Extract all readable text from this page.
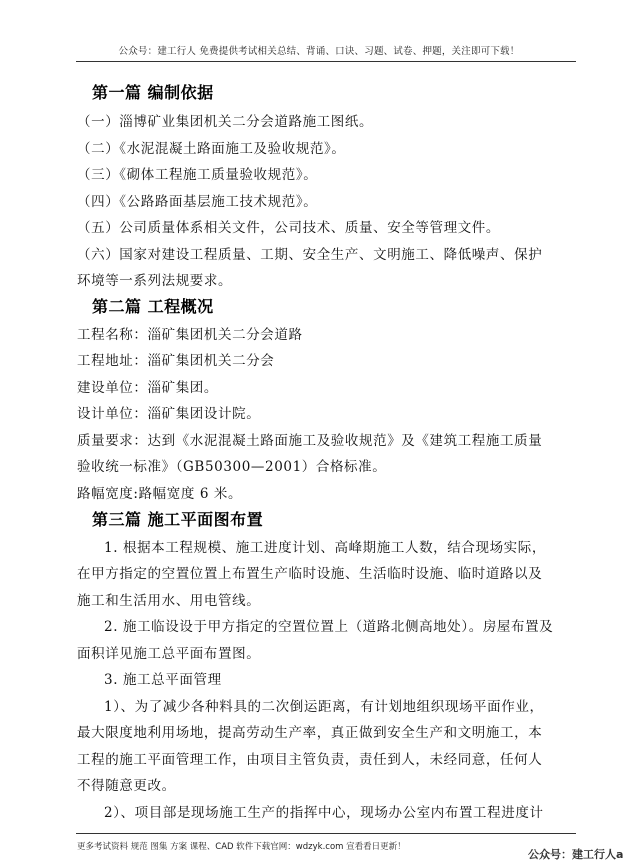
公众号：建工行人 免费提供考试相关总结、背诵、口诀、习题、试卷、押题，关注即可下载！
第一篇 编制依据
（一）淄博矿业集团机关二分会道路施工图纸。
（二）《水泥混凝土路面施工及验收规范》。
（三）《砌体工程施工质量验收规范》。
（四）《公路路面基层施工技术规范》。
（五）公司质量体系相关文件，公司技术、质量、安全等管理文件。
（六）国家对建设工程质量、工期、安全生产、文明施工、降低噪声、保护
环境等一系列法规要求。
第二篇 工程概况
工程名称：淄矿集团机关二分会道路
工程地址：淄矿集团机关二分会
建设单位：淄矿集团。
设计单位：淄矿集团设计院。
质量要求：达到《水泥混凝土路面施工及验收规范》及《建筑工程施工质量
验收统一标准》（GB50300—2001）合格标准。
路幅宽度:路幅宽度 6 米。
第三篇 施工平面图布置
1. 根据本工程规模、施工进度计划、高峰期施工人数，结合现场实际，
在甲方指定的空置位置上布置生产临时设施、生活临时设施、临时道路以及
施工和生活用水、用电管线。
2. 施工临设设于甲方指定的空置位置上（道路北侧高地处）。房屋布置及
面积详见施工总平面布置图。
3. 施工总平面管理
1）、为了减少各种料具的二次倒运距离，有计划地组织现场平面作业，
最大限度地利用场地，提高劳动生产率，真正做到安全生产和文明施工，本
工程的施工平面管理工作，由项目主管负责，责任到人，未经同意，任何人
不得随意更改。
2）、项目部是现场施工生产的指挥中心，现场办公室内布置工程进度计
更多考试资料 规范 图集 方案 课程、CAD 软件下载官网：wdzyk.com 宣看看日更新！
公众号：建工行人a
